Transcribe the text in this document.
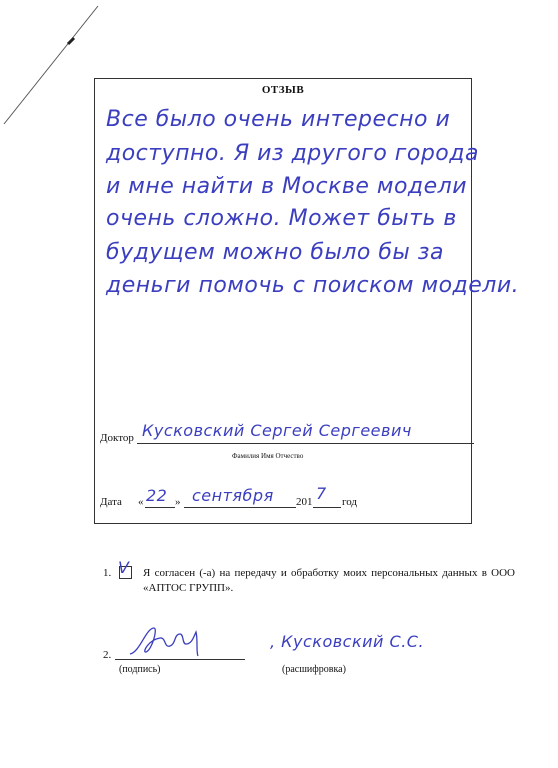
ОТЗЫВ
Все было очень интересно и
доступно. Я из другого города
и мне найти в Москве модели
очень сложно. Может быть в
будущем можно было бы за
деньги помочь с поиском модели.
Доктор Кусковский Сергей Сергеевич
Фамилия Имя Отчество
Дата « 22 » сентября 201 7 год
1. V Я согласен (-а) на передачу и обработку моих персональных данных в ООО «АПТОС ГРУПП».
2.
, Кусковский С.С.
(подпись)	(расшифровка)
